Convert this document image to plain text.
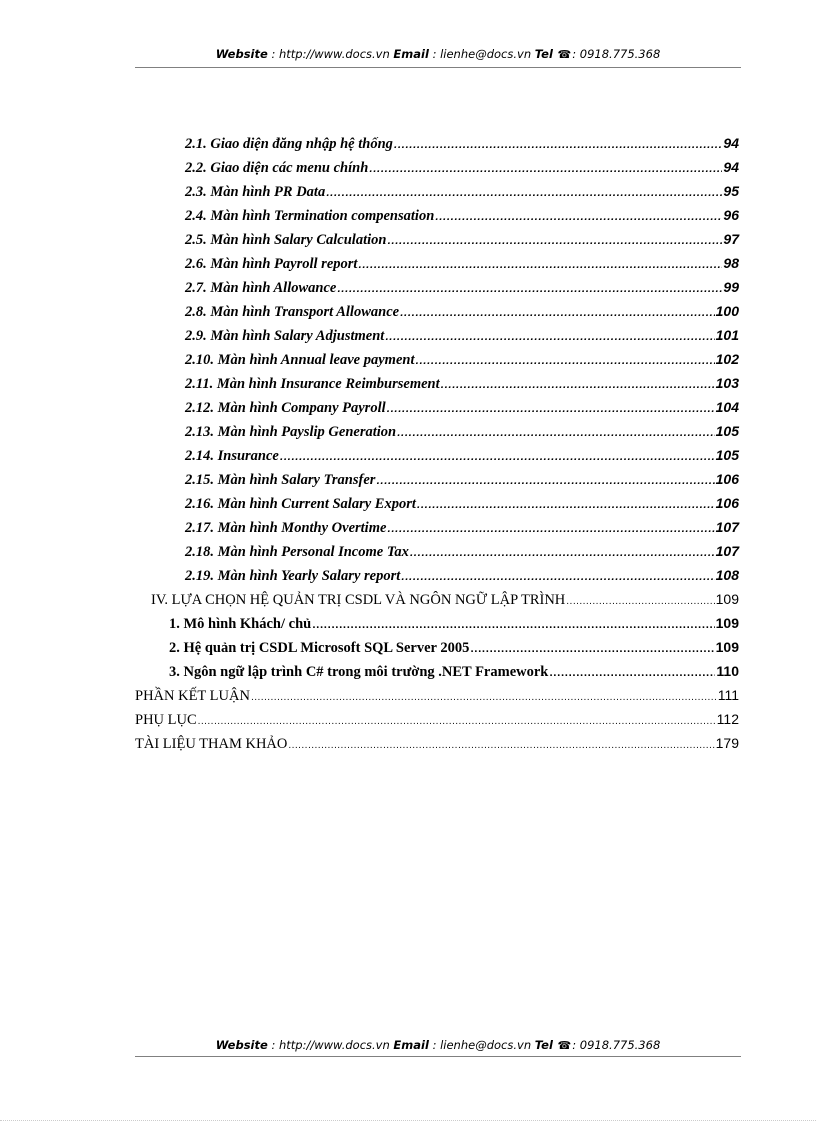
Website : http://www.docs.vn Email : lienhe@docs.vn Tel ☎: 0918.775.368
2.1. Giao diện đăng nhập hệ thống .....	94
2.2. Giao diện các menu chính .....	94
2.3. Màn hình PR Data .....	95
2.4. Màn hình Termination compensation .....	96
2.5. Màn hình Salary Calculation .....	97
2.6. Màn hình Payroll report .....	98
2.7. Màn hình Allowance .....	99
2.8. Màn hình Transport Allowance .....	100
2.9. Màn hình Salary Adjustment .....	101
2.10. Màn hình Annual leave payment .....	102
2.11. Màn hình Insurance Reimbursement .....	103
2.12. Màn hình Company Payroll .....	104
2.13. Màn hình Payslip Generation .....	105
2.14. Insurance .....	105
2.15. Màn hình Salary Transfer .....	106
2.16. Màn hình Current Salary Export .....	106
2.17. Màn hình Monthy Overtime .....	107
2.18. Màn hình Personal Income Tax .....	107
2.19. Màn hình Yearly Salary report .....	108
IV. LỰA CHỌN HỆ QUẢN TRỊ CSDL VÀ NGÔN NGỮ LẬP TRÌNH .....	109
1. Mô hình Khách/ chủ .....	109
2. Hệ quản trị CSDL Microsoft SQL Server 2005 .....	109
3. Ngôn ngữ lập trình C# trong môi trường .NET Framework .....	110
PHẦN KẾT LUẬN .....	111
PHỤ LỤC .....	112
TÀI LIỆU THAM KHẢO .....	179
Website : http://www.docs.vn Email : lienhe@docs.vn Tel ☎: 0918.775.368
